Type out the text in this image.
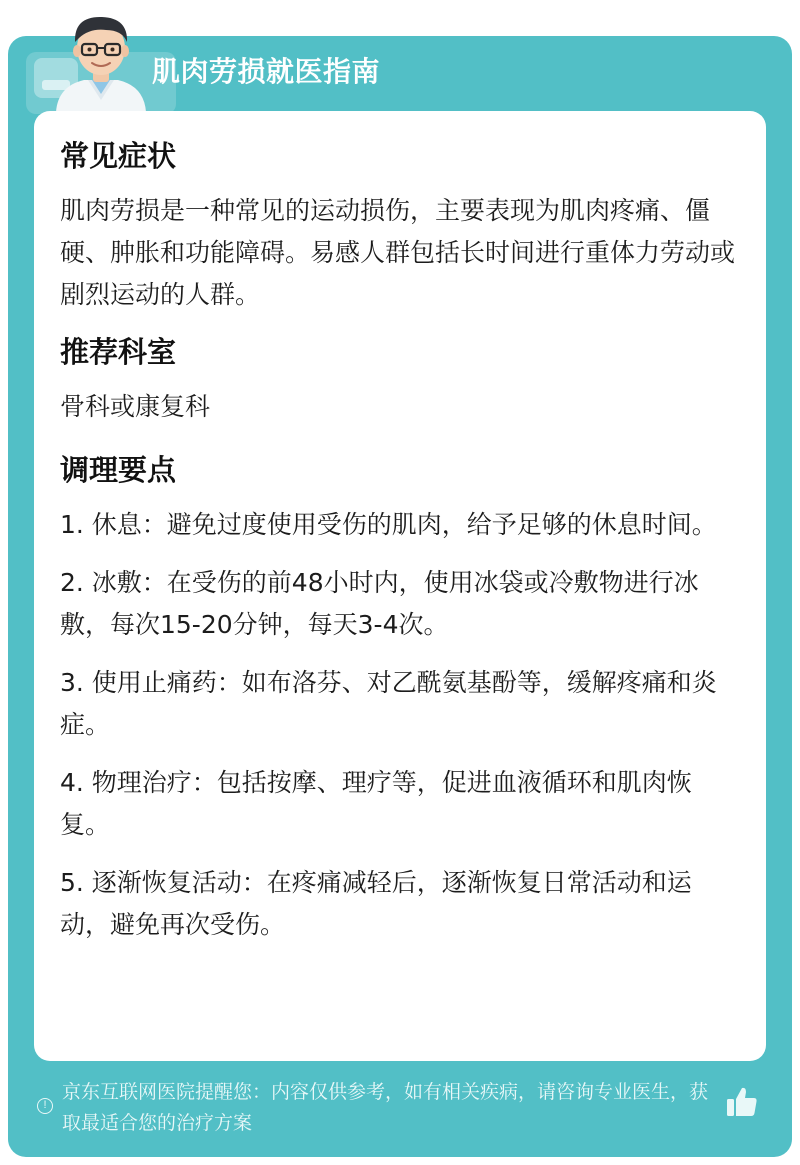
肌肉劳损就医指南
常见症状
肌肉劳损是一种常见的运动损伤，主要表现为肌肉疼痛、僵硬、肿胀和功能障碍。易感人群包括长时间进行重体力劳动或剧烈运动的人群。
推荐科室
骨科或康复科
调理要点
1. 休息：避免过度使用受伤的肌肉，给予足够的休息时间。
2. 冰敷：在受伤的前48小时内，使用冰袋或冷敷物进行冰敷，每次15-20分钟，每天3-4次。
3. 使用止痛药：如布洛芬、对乙酰氨基酚等，缓解疼痛和炎症。
4. 物理治疗：包括按摩、理疗等，促进血液循环和肌肉恢复。
5. 逐渐恢复活动：在疼痛减轻后，逐渐恢复日常活动和运动，避免再次受伤。
!
京东互联网医院提醒您：内容仅供参考，如有相关疾病，请咨询专业医生，获取最适合您的治疗方案
